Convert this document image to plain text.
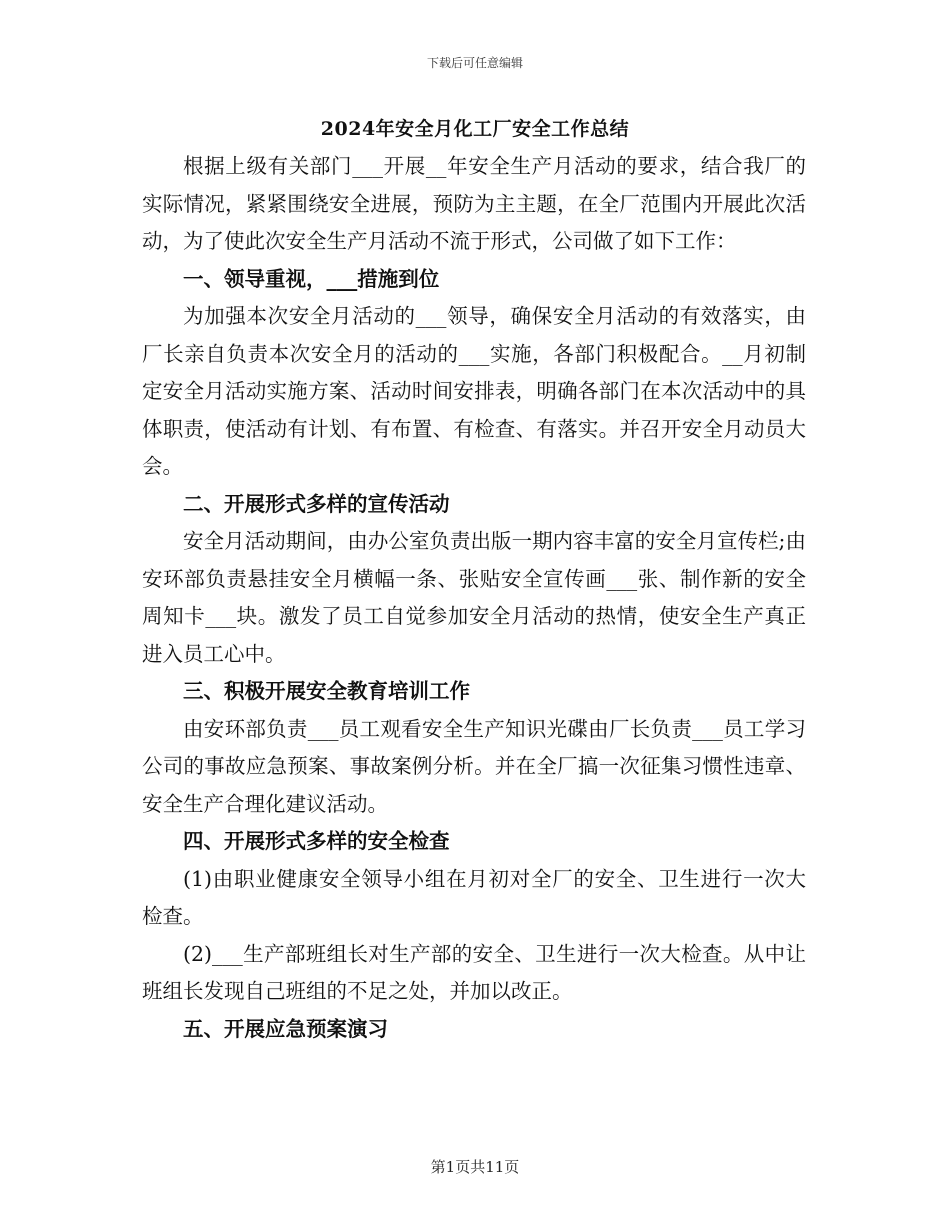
下载后可任意编辑
2024年安全月化工厂安全工作总结

根据上级有关部门___开展__年安全生产月活动的要求，结合我厂的实际情况，紧紧围绕安全进展，预防为主主题，在全厂范围内开展此次活动，为了使此次安全生产月活动不流于形式，公司做了如下工作：

一、领导重视，___措施到位

为加强本次安全月活动的___领导，确保安全月活动的有效落实，由厂长亲自负责本次安全月的活动的___实施，各部门积极配合。__月初制定安全月活动实施方案、活动时间安排表，明确各部门在本次活动中的具体职责，使活动有计划、有布置、有检查、有落实。并召开安全月动员大会。

二、开展形式多样的宣传活动

安全月活动期间，由办公室负责出版一期内容丰富的安全月宣传栏;由安环部负责悬挂安全月横幅一条、张贴安全宣传画___张、制作新的安全周知卡___块。激发了员工自觉参加安全月活动的热情，使安全生产真正进入员工心中。

三、积极开展安全教育培训工作

由安环部负责___员工观看安全生产知识光碟由厂长负责___员工学习公司的事故应急预案、事故案例分析。并在全厂搞一次征集习惯性违章、安全生产合理化建议活动。

四、开展形式多样的安全检查

(1)由职业健康安全领导小组在月初对全厂的安全、卫生进行一次大检查。

(2)___生产部班组长对生产部的安全、卫生进行一次大检查。从中让班组长发现自己班组的不足之处，并加以改正。

五、开展应急预案演习

第1页共11页
